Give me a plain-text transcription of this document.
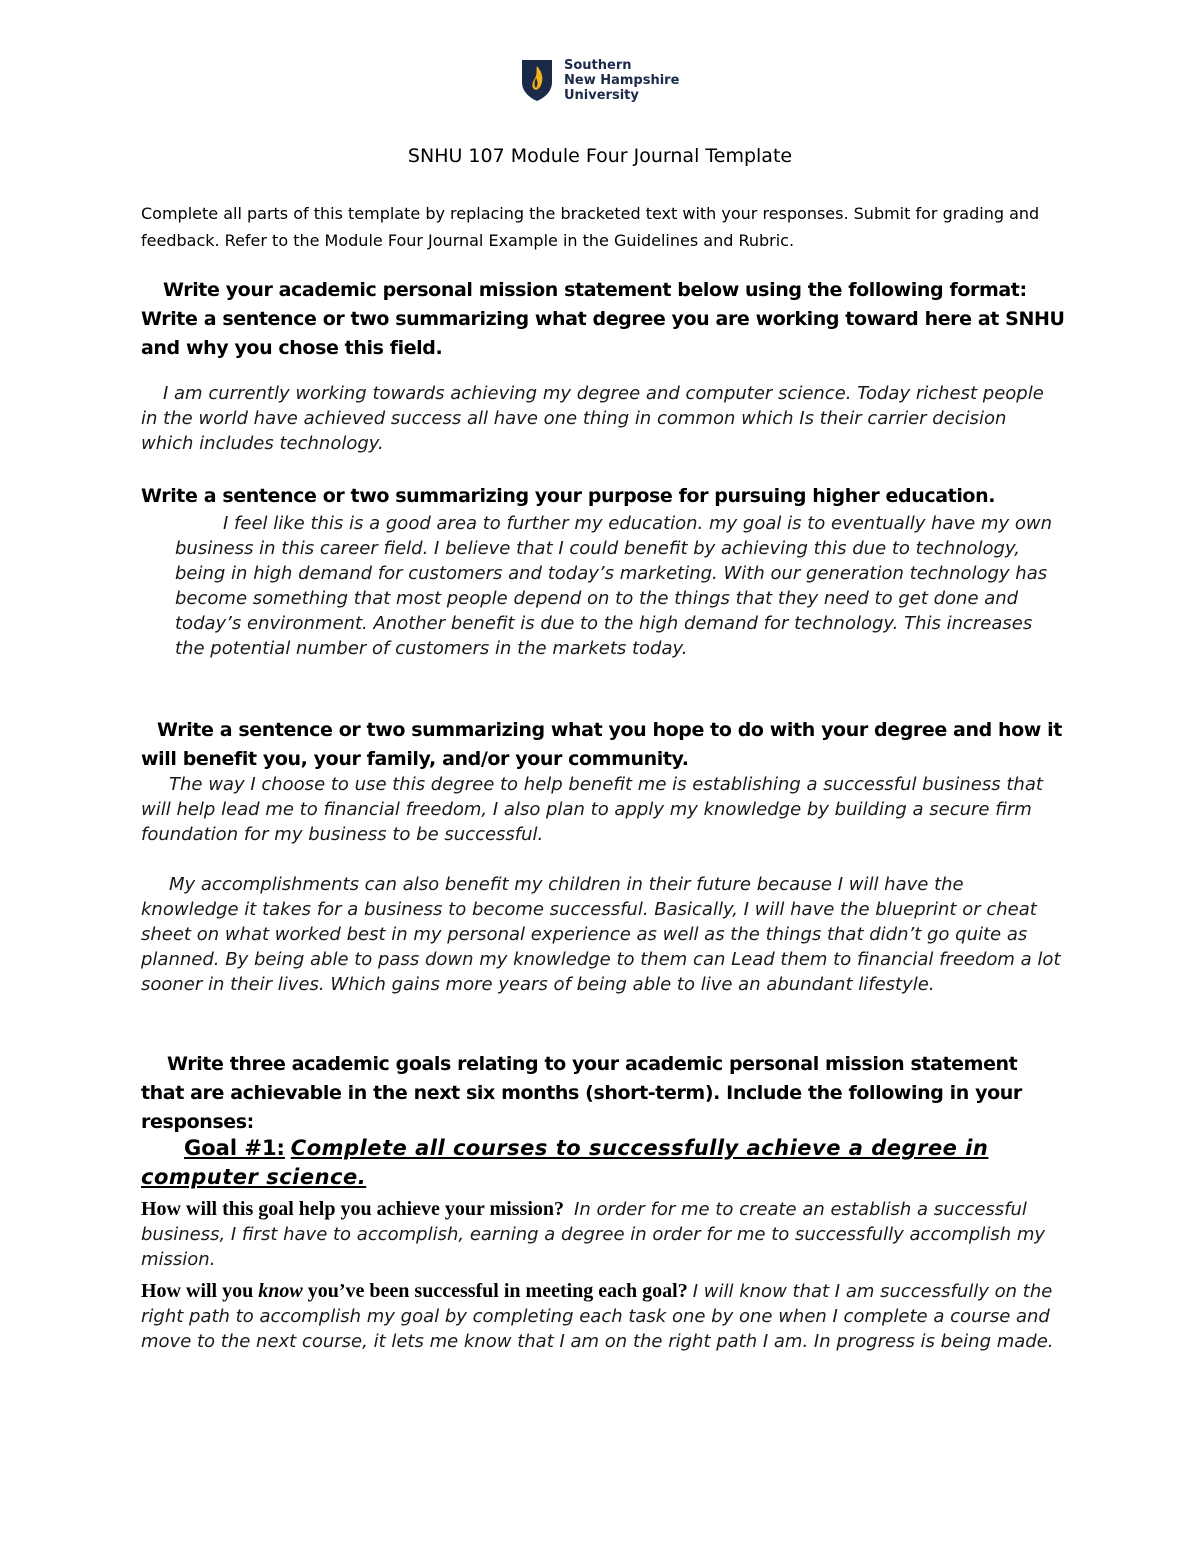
Southern
New Hampshire
University
SNHU 107 Module Four Journal Template
Complete all parts of this template by replacing the bracketed text with your responses. Submit for grading and feedback. Refer to the Module Four Journal Example in the Guidelines and Rubric.
Write your academic personal mission statement below using the following format: Write a sentence or two summarizing what degree you are working toward here at SNHU and why you chose this field.
I am currently working towards achieving my degree and computer science. Today richest people in the world have achieved success all have one thing in common which Is their carrier decision which includes technology.
Write a sentence or two summarizing your purpose for pursuing higher education.
I feel like this is a good area to further my education. my goal is to eventually have my own business in this career field. I believe that I could benefit by achieving this due to technology, being in high demand for customers and today’s marketing. With our generation technology has become something that most people depend on to the things that they need to get done and today’s environment. Another benefit is due to the high demand for technology. This increases the potential number of customers in the markets today.
Write a sentence or two summarizing what you hope to do with your degree and how it will benefit you, your family, and/or your community.
The way I choose to use this degree to help benefit me is establishing a successful business that will help lead me to financial freedom, I also plan to apply my knowledge by building a secure firm foundation for my business to be successful.
My accomplishments can also benefit my children in their future because I will have the knowledge it takes for a business to become successful. Basically, I will have the blueprint or cheat sheet on what worked best in my personal experience as well as the things that didn’t go quite as planned. By being able to pass down my knowledge to them can Lead them to financial freedom a lot sooner in their lives. Which gains more years of being able to live an abundant lifestyle.
Write three academic goals relating to your academic personal mission statement that are achievable in the next six months (short-term). Include the following in your responses:
Goal #1: Complete all courses to successfully achieve a degree in computer science.
How will this goal help you achieve your mission? In order for me to create an establish a successful business, I first have to accomplish, earning a degree in order for me to successfully accomplish my mission.
How will you know you’ve been successful in meeting each goal? I will know that I am successfully on the right path to accomplish my goal by completing each task one by one when I complete a course and move to the next course, it lets me know that I am on the right path I am. In progress is being made.
